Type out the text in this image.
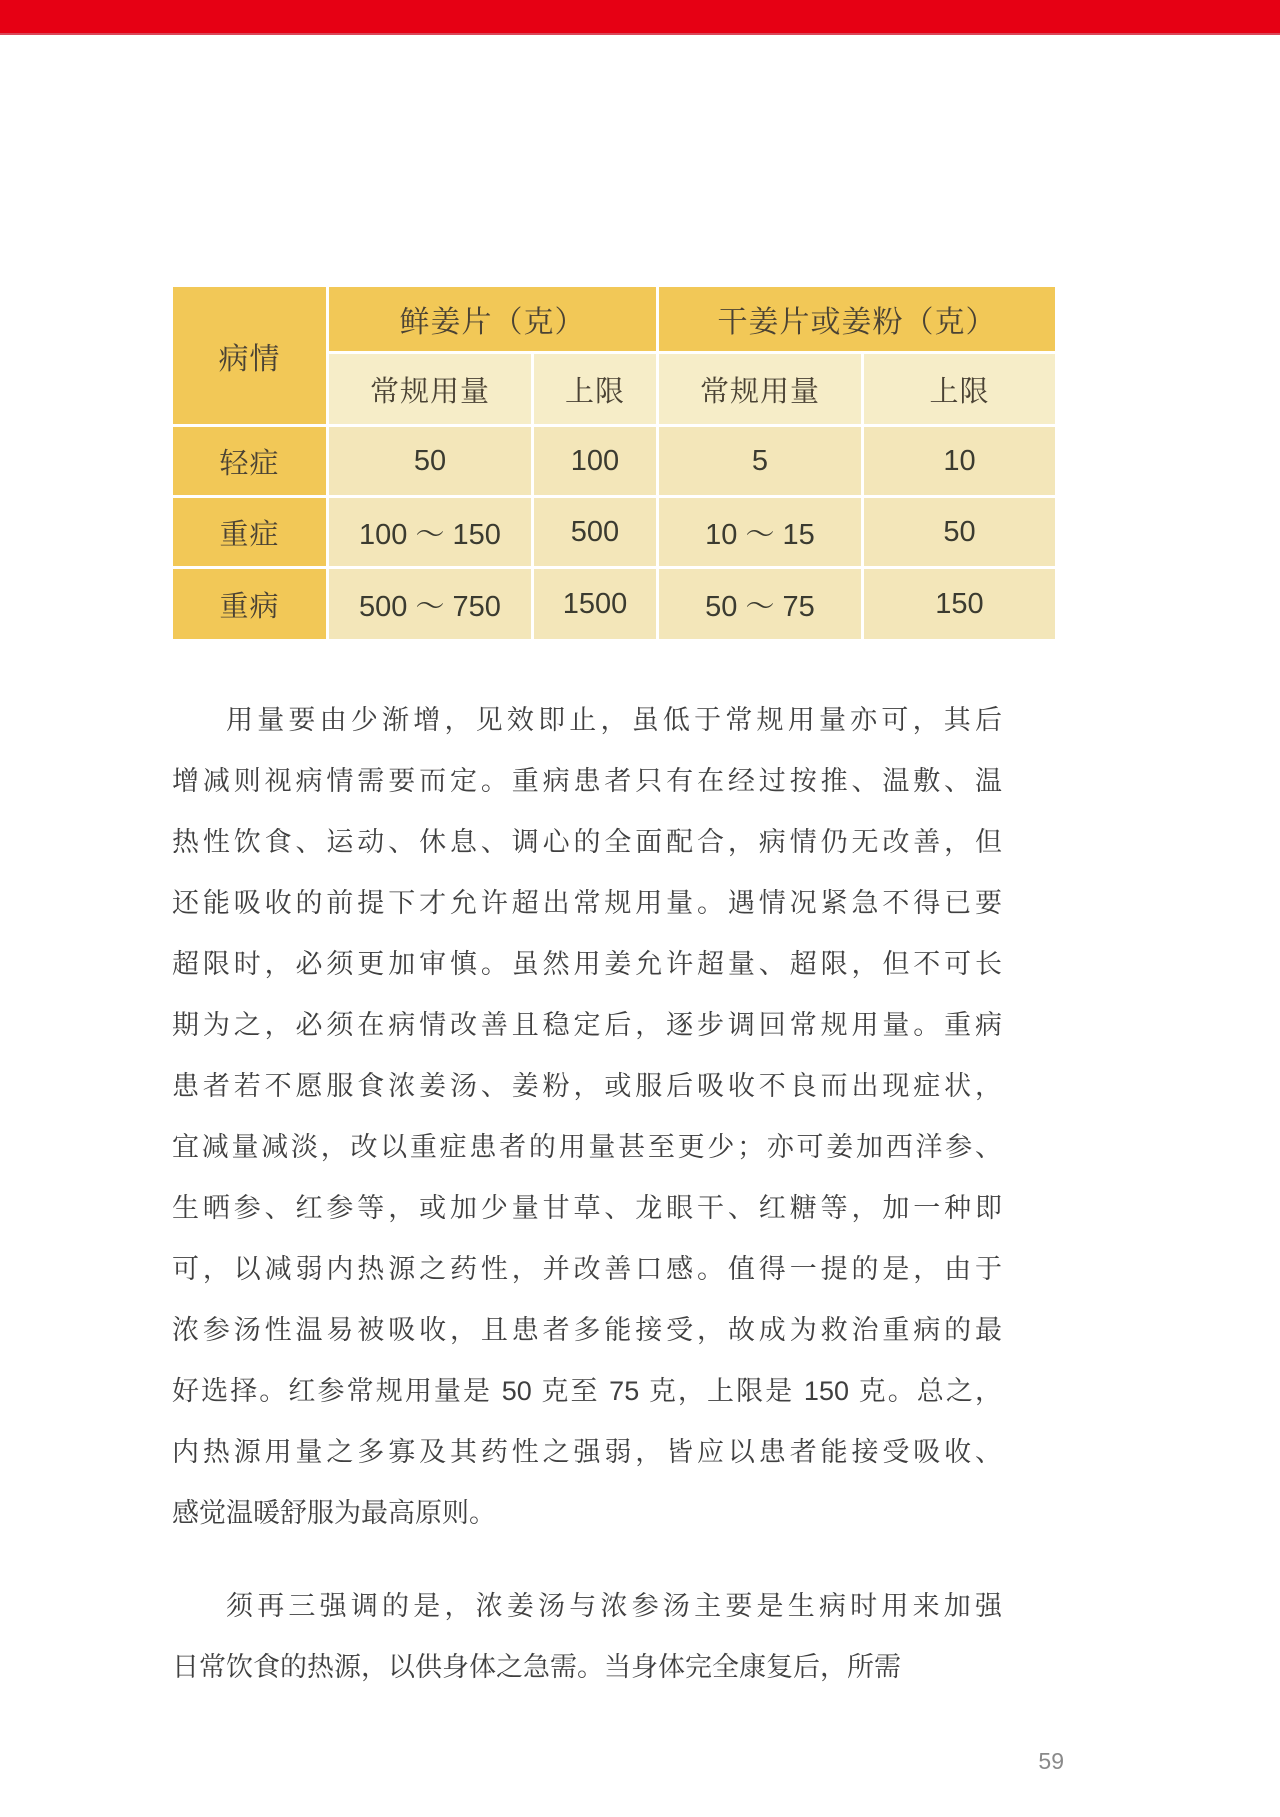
病情
鲜姜片（克）	干姜片或姜粉（克）
常规用量	上限	常规用量	上限
轻症	50	100	5	10
重症	100 ～ 150	500	10 ～ 15	50
重病	500 ～ 750	1500	50 ～ 75	150
用量要由少渐增，见效即止，虽低于常规用量亦可，其后
增减则视病情需要而定。重病患者只有在经过按推、温敷、温
热性饮食、运动、休息、调心的全面配合，病情仍无改善，但
还能吸收的前提下才允许超出常规用量。遇情况紧急不得已要
超限时，必须更加审慎。虽然用姜允许超量、超限，但不可长
期为之，必须在病情改善且稳定后，逐步调回常规用量。重病
患者若不愿服食浓姜汤、姜粉，或服后吸收不良而出现症状，
宜减量减淡，改以重症患者的用量甚至更少；亦可姜加西洋参、
生晒参、红参等，或加少量甘草、龙眼干、红糖等，加一种即
可，以减弱内热源之药性，并改善口感。值得一提的是，由于
浓参汤性温易被吸收，且患者多能接受，故成为救治重病的最
好选择。红参常规用量是 50 克至 75 克，上限是 150 克。总之，
内热源用量之多寡及其药性之强弱，皆应以患者能接受吸收、
感觉温暖舒服为最高原则。
须再三强调的是，浓姜汤与浓参汤主要是生病时用来加强
日常饮食的热源，以供身体之急需。当身体完全康复后，所需
59
